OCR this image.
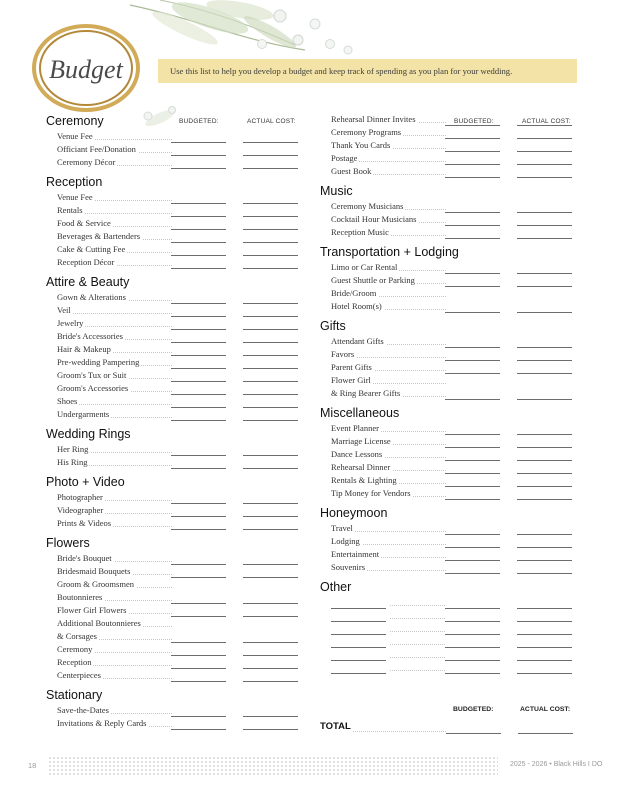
Budget	Use this list to help you develop a budget and keep track of spending as you plan for your wedding.
BUDGETED:	ACTUAL COST:	BUDGETED:	ACTUAL COST:
Ceremony
Venue Fee
Officiant Fee/Donation
Ceremony Décor
Reception
Venue Fee
Rentals
Food & Service
Beverages & Bartenders
Cake & Cutting Fee
Reception Décor
Attire & Beauty
Gown & Alterations
Veil
Jewelry
Bride's Accessories
Hair & Makeup
Pre-wedding Pampering
Groom's Tux or Suit
Groom's Accessories
Shoes
Undergarments
Wedding Rings
Her Ring
His Ring
Photo + Video
Photographer
Videographer
Prints & Videos
Flowers
Bride's Bouquet
Bridesmaid Bouquets
Groom & Groomsmen
Boutonnieres
Flower Girl Flowers
Additional Boutonnieres
& Corsages
Ceremony
Reception
Centerpieces
Stationary
Save-the-Dates
Invitations & Reply Cards
Rehearsal Dinner Invites
Ceremony Programs
Thank You Cards
Postage
Guest Book
Music
Ceremony Musicians
Cocktail Hour Musicians
Reception Music
Transportation + Lodging
Limo or Car Rental
Guest Shuttle or Parking
Bride/Groom
Hotel Room(s)
Gifts
Attendant Gifts
Favors
Parent Gifts
Flower Girl
& Ring Bearer Gifts
Miscellaneous
Event Planner
Marriage License
Dance Lessons
Rehearsal Dinner
Rentals & Lighting
Tip Money for Vendors
Honeymoon
Travel
Lodging
Entertainment
Souvenirs
Other
BUDGETED:	ACTUAL COST:
TOTAL
18	2025 - 2026 • Black Hills I DO
